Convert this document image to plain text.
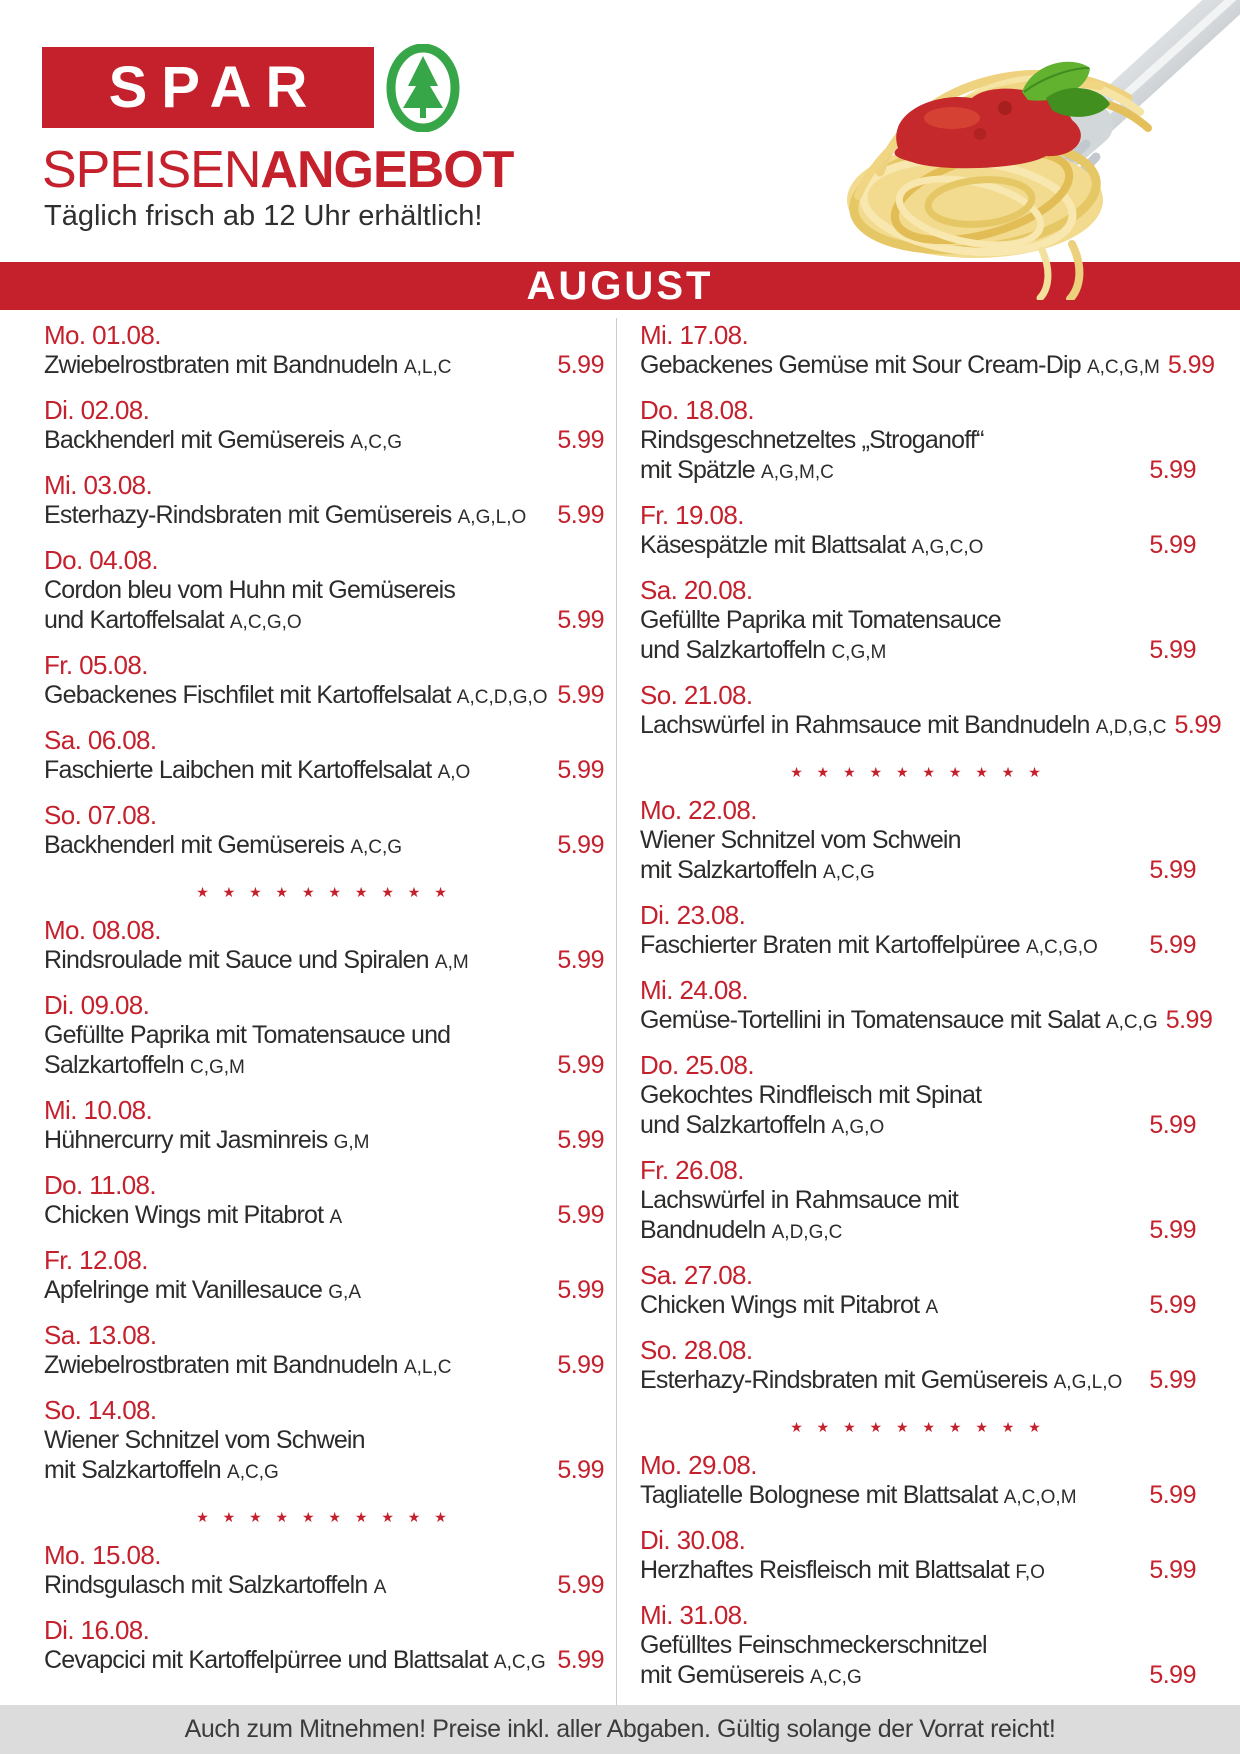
SPAR
SPEISENANGEBOT
Täglich frisch ab 12 Uhr erhältlich!
AUGUST
Mo. 01.08.
Zwiebelrostbraten mit Bandnudeln A,L,C	5.99
Di. 02.08.
Backhenderl mit Gemüsereis A,C,G	5.99
Mi. 03.08.
Esterhazy-Rindsbraten mit Gemüsereis A,G,L,O 5.99
Do. 04.08.
Cordon bleu vom Huhn mit Gemüsereis
und Kartoffelsalat A,C,G,O	5.99
Fr. 05.08.
Gebackenes Fischfilet mit Kartoffelsalat A,C,D,G,O 5.99
Sa. 06.08.
Faschierte Laibchen mit Kartoffelsalat A,O	5.99
So. 07.08.
Backhenderl mit Gemüsereis A,C,G	5.99
★ ★ ★ ★ ★ ★ ★ ★ ★ ★
Mo. 08.08.
Rindsroulade mit Sauce und Spiralen A,M	5.99
Di. 09.08.
Gefüllte Paprika mit Tomatensauce und
Salzkartoffeln C,G,M	5.99
Mi. 10.08.
Hühnercurry mit Jasminreis G,M	5.99
Do. 11.08.
Chicken Wings mit Pitabrot A	5.99
Fr. 12.08.
Apfelringe mit Vanillesauce G,A	5.99
Sa. 13.08.
Zwiebelrostbraten mit Bandnudeln A,L,C	5.99
So. 14.08.
Wiener Schnitzel vom Schwein
mit Salzkartoffeln A,C,G	5.99
★ ★ ★ ★ ★ ★ ★ ★ ★ ★
Mo. 15.08.
Rindsgulasch mit Salzkartoffeln A	5.99
Di. 16.08.
Cevapcici mit Kartoffelpürree und Blattsalat A,C,G 5.99
Mi. 17.08.
Gebackenes Gemüse mit Sour Cream-Dip A,C,G,M 5.99
Do. 18.08.
Rindsgeschnetzeltes „Stroganoff“
mit Spätzle A,G,M,C	5.99
Fr. 19.08.
Käsespätzle mit Blattsalat A,G,C,O	5.99
Sa. 20.08.
Gefüllte Paprika mit Tomatensauce
und Salzkartoffeln C,G,M	5.99
So. 21.08.
Lachswürfel in Rahmsauce mit Bandnudeln A,D,G,C 5.99
★ ★ ★ ★ ★ ★ ★ ★ ★ ★
Mo. 22.08.
Wiener Schnitzel vom Schwein
mit Salzkartoffeln A,C,G	5.99
Di. 23.08.
Faschierter Braten mit Kartoffelpüree A,C,G,O 5.99
Mi. 24.08.
Gemüse-Tortellini in Tomatensauce mit Salat A,C,G 5.99
Do. 25.08.
Gekochtes Rindfleisch mit Spinat
und Salzkartoffeln A,G,O	5.99
Fr. 26.08.
Lachswürfel in Rahmsauce mit
Bandnudeln A,D,G,C	5.99
Sa. 27.08.
Chicken Wings mit Pitabrot A	5.99
So. 28.08.
Esterhazy-Rindsbraten mit Gemüsereis A,G,L,O 5.99
★ ★ ★ ★ ★ ★ ★ ★ ★ ★
Mo. 29.08.
Tagliatelle Bolognese mit Blattsalat A,C,O,M	5.99
Di. 30.08.
Herzhaftes Reisfleisch mit Blattsalat F,O	5.99
Mi. 31.08.
Gefülltes Feinschmeckerschnitzel
mit Gemüsereis A,C,G	5.99
Auch zum Mitnehmen! Preise inkl. aller Abgaben. Gültig solange der Vorrat reicht!
